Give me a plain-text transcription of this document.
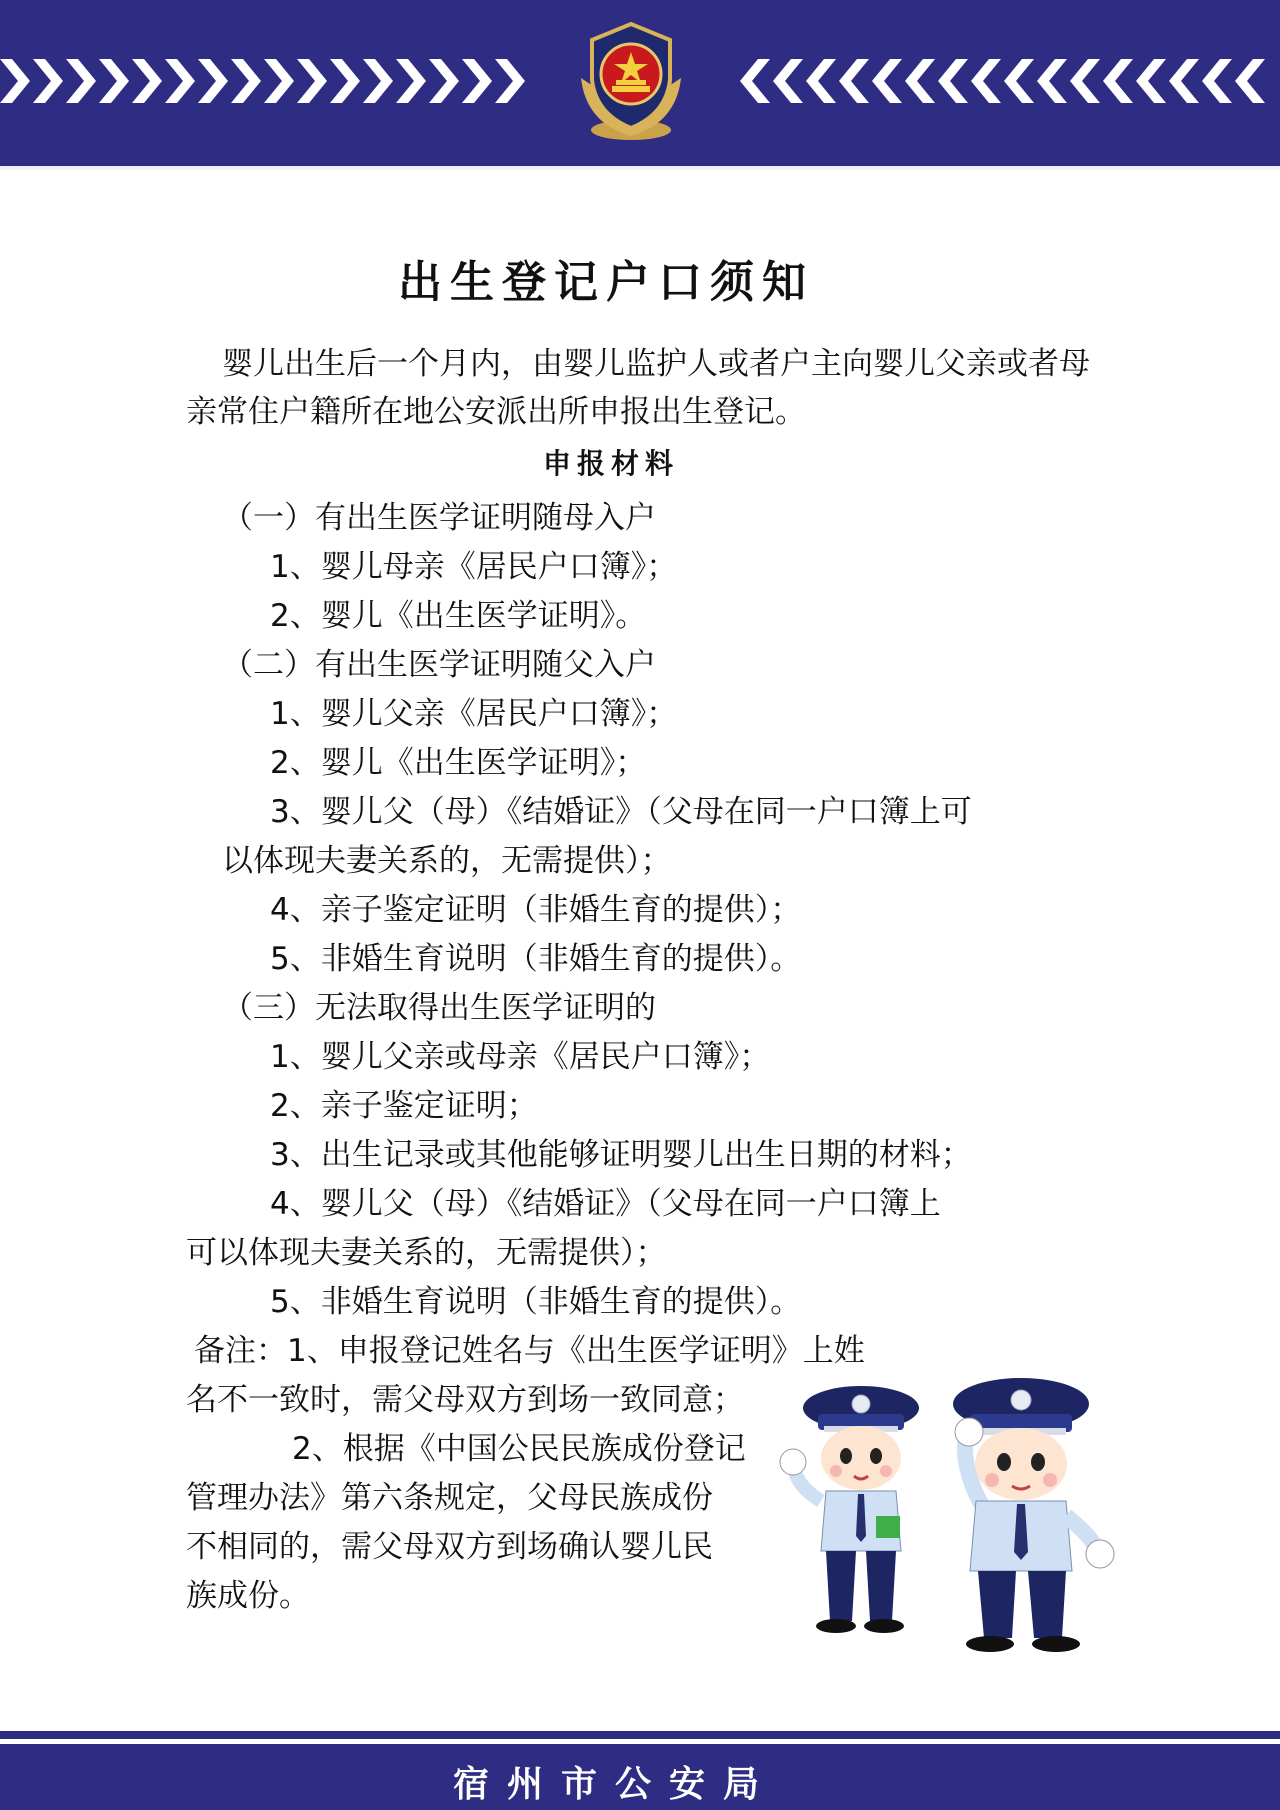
出生登记户口须知
婴儿出生后一个月内，由婴儿监护人或者户主向婴儿父亲或者母亲常住户籍所在地公安派出所申报出生登记。
申报材料
（一）有出生医学证明随母入户
1、婴儿母亲《居民户口簿》；
2、婴儿《出生医学证明》。
（二）有出生医学证明随父入户
1、婴儿父亲《居民户口簿》；
2、婴儿《出生医学证明》；
3、婴儿父（母）《结婚证》（父母在同一户口簿上可
以体现夫妻关系的，无需提供）；
4、亲子鉴定证明（非婚生育的提供）；
5、非婚生育说明（非婚生育的提供）。
（三）无法取得出生医学证明的
1、婴儿父亲或母亲《居民户口簿》；
2、亲子鉴定证明；
3、出生记录或其他能够证明婴儿出生日期的材料；
4、婴儿父（母）《结婚证》（父母在同一户口簿上
可以体现夫妻关系的，无需提供）；
5、非婚生育说明（非婚生育的提供）。
备注：1、申报登记姓名与《出生医学证明》上姓
名不一致时，需父母双方到场一致同意；
2、根据《中国公民民族成份登记
管理办法》第六条规定，父母民族成份
不相同的，需父母双方到场确认婴儿民
族成份。
宿州市公安局
